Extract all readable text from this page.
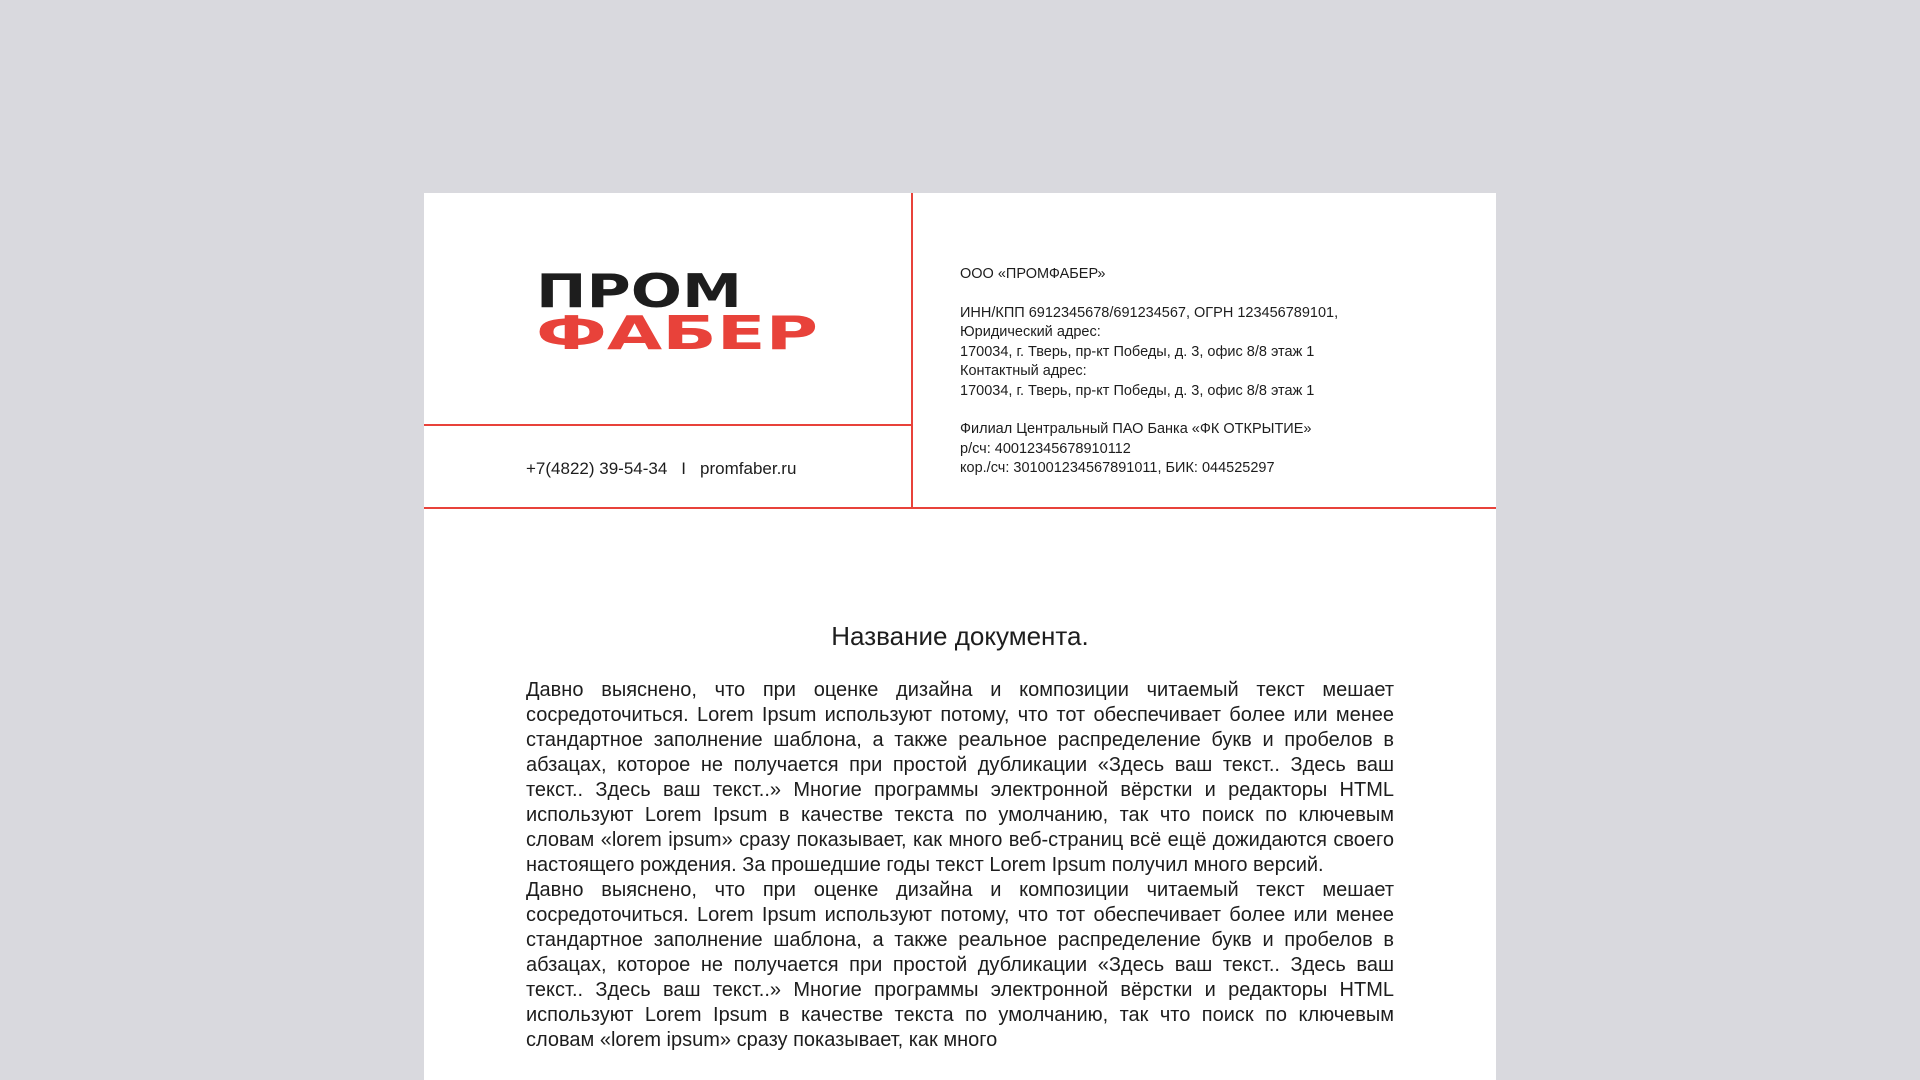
ПРОМ
ФАБЕР
+7(4822) 39-54-34 I promfaber.ru
ООО «ПРОМФАБЕР»
ИНН/КПП 6912345678/691234567, ОГРН 123456789101,
Юридический адрес:
170034, г. Тверь, пр-кт Победы, д. 3, офис 8/8 этаж 1
Контактный адрес:
170034, г. Тверь, пр-кт Победы, д. 3, офис 8/8 этаж 1
Филиал Центральный ПАО Банка «ФК ОТКРЫТИЕ»
р/сч: 40012345678910112
кор./сч: 301001234567891011, БИК: 044525297
Название документа.

Давно выяснено, что при оценке дизайна и композиции читаемый текст мешает сосредоточиться. Lorem Ipsum используют потому, что тот обеспечивает более или менее стандартное заполнение шаблона, а также реальное распределение букв и пробелов в абзацах, которое не получается при простой дубликации «Здесь ваш текст.. Здесь ваш текст.. Здесь ваш текст..» Многие программы электронной вёрстки и редакторы HTML используют Lorem Ipsum в качестве текста по умолчанию, так что поиск по ключевым словам «lorem ipsum» сразу показывает, как много веб-страниц всё ещё дожидаются своего настоящего рождения. За прошедшие годы текст Lorem Ipsum получил много версий.

Давно выяснено, что при оценке дизайна и композиции читаемый текст мешает сосредоточиться. Lorem Ipsum используют потому, что тот обеспечивает более или менее стандартное заполнение шаблона, а также реальное распределение букв и пробелов в абзацах, которое не получается при простой дубликации «Здесь ваш текст.. Здесь ваш текст.. Здесь ваш текст..» Многие программы электронной вёрстки и редакторы HTML используют Lorem Ipsum в качестве текста по умолчанию, так что поиск по ключевым словам «lorem ipsum» сразу показывает, как много
